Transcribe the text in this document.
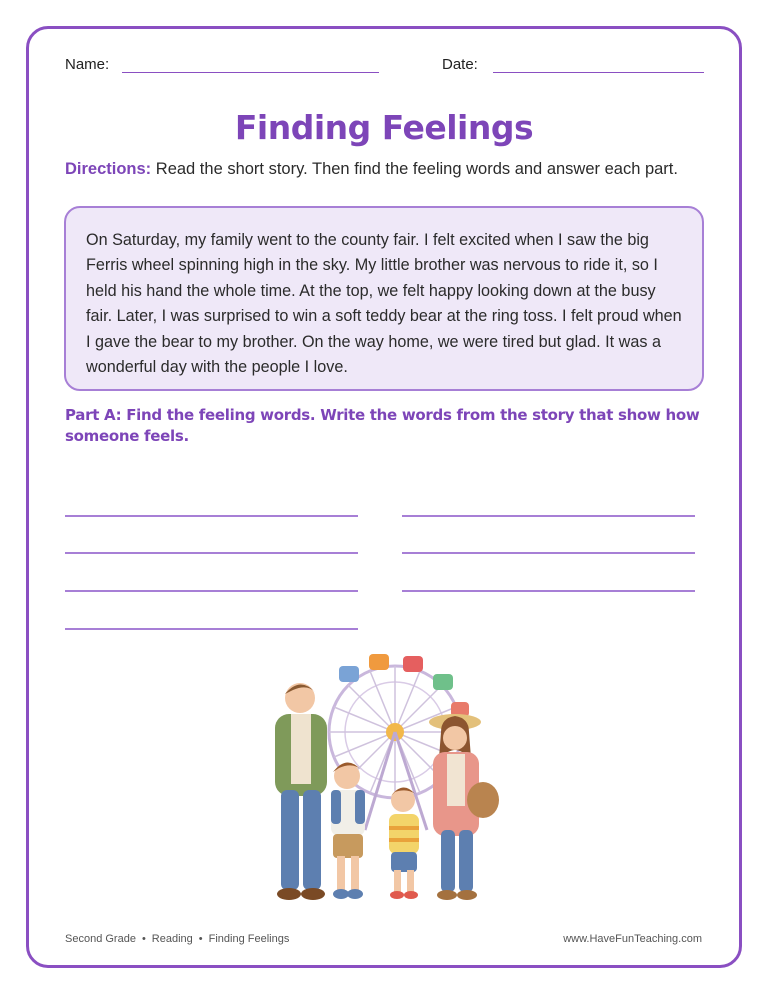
Name:	Date:
Finding Feelings
Directions: Read the short story. Then find the feeling words and answer each part.
On Saturday, my family went to the county fair. I felt excited when I saw the big Ferris wheel spinning high in the sky. My little brother was nervous to ride it, so I held his hand the whole time. At the top, we felt happy looking down at the busy fair. Later, I was surprised to win a soft teddy bear at the ring toss. I felt proud when I gave the bear to my brother. On the way home, we were tired but glad. It was a wonderful day with the people I love.
Part A: Find the feeling words. Write the words from the story that show how someone feels.
Second Grade • Reading • Finding Feelings	www.HaveFunTeaching.com
